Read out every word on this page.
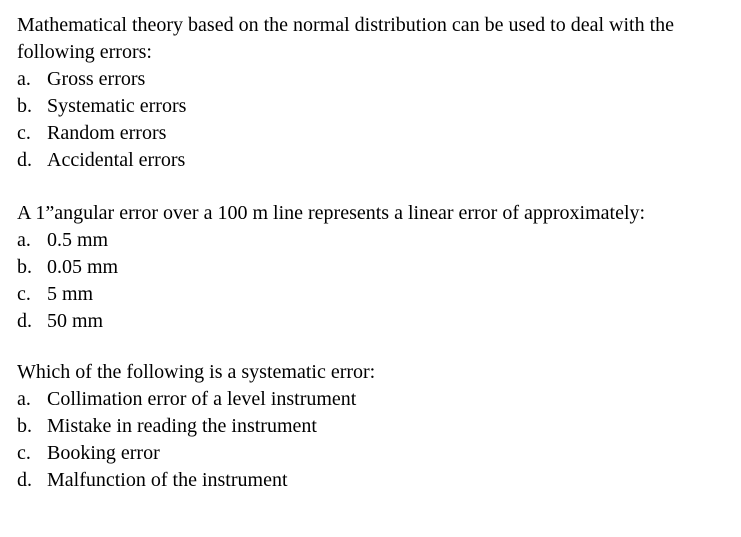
Mathematical theory based on the normal distribution can be used to deal with the following errors:

a. Gross errors
b. Systematic errors
c. Random errors
d. Accidental errors

A 1”angular error over a 100 m line represents a linear error of approximately:

a. 0.5 mm
b. 0.05 mm
c. 5 mm
d. 50 mm

Which of the following is a systematic error:

a. Collimation error of a level instrument
b. Mistake in reading the instrument
c. Booking error
d. Malfunction of the instrument
